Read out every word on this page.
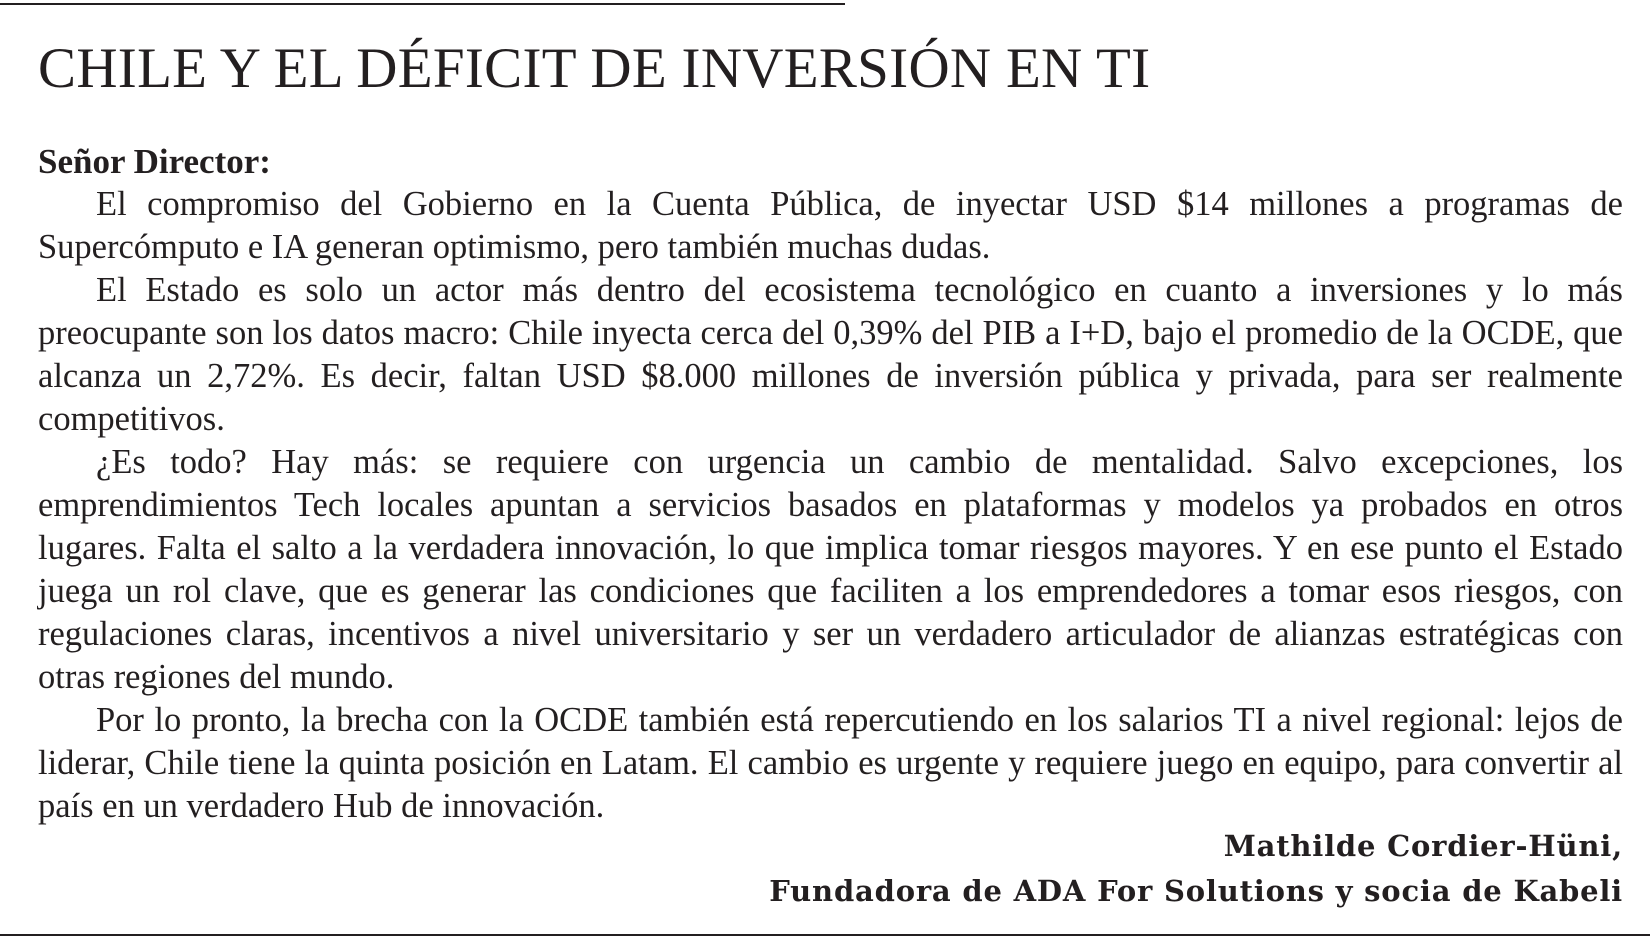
CHILE Y EL DÉFICIT DE INVERSIÓN EN TI

Señor Director:

El compromiso del Gobierno en la Cuenta Pública, de inyectar USD $14 millones a programas de Supercómputo e IA generan optimismo, pero también muchas dudas.

El Estado es solo un actor más dentro del ecosistema tecnológico en cuanto a inversiones y lo más preocupante son los datos macro: Chile inyecta cerca del 0,39% del PIB a I+D, bajo el promedio de la OCDE, que alcanza un 2,72%. Es decir, faltan USD $8.000 millones de inversión pública y privada, para ser realmente competitivos.

¿Es todo? Hay más: se requiere con urgencia un cambio de mentalidad. Salvo excepciones, los emprendimientos Tech locales apuntan a servicios basados en plataformas y modelos ya probados en otros lugares. Falta el salto a la verdadera innovación, lo que implica tomar riesgos mayores. Y en ese punto el Estado juega un rol clave, que es generar las condiciones que faciliten a los emprendedores a tomar esos riesgos, con regulaciones claras, incentivos a nivel universitario y ser un verdadero articulador de alianzas estratégicas con otras regiones del mundo.

Por lo pronto, la brecha con la OCDE también está repercutiendo en los salarios TI a nivel regional: lejos de liderar, Chile tiene la quinta posición en Latam. El cambio es urgente y requiere juego en equipo, para convertir al país en un verdadero Hub de innovación.

Mathilde Cordier-Hüni,
Fundadora de ADA For Solutions y socia de Kabeli
